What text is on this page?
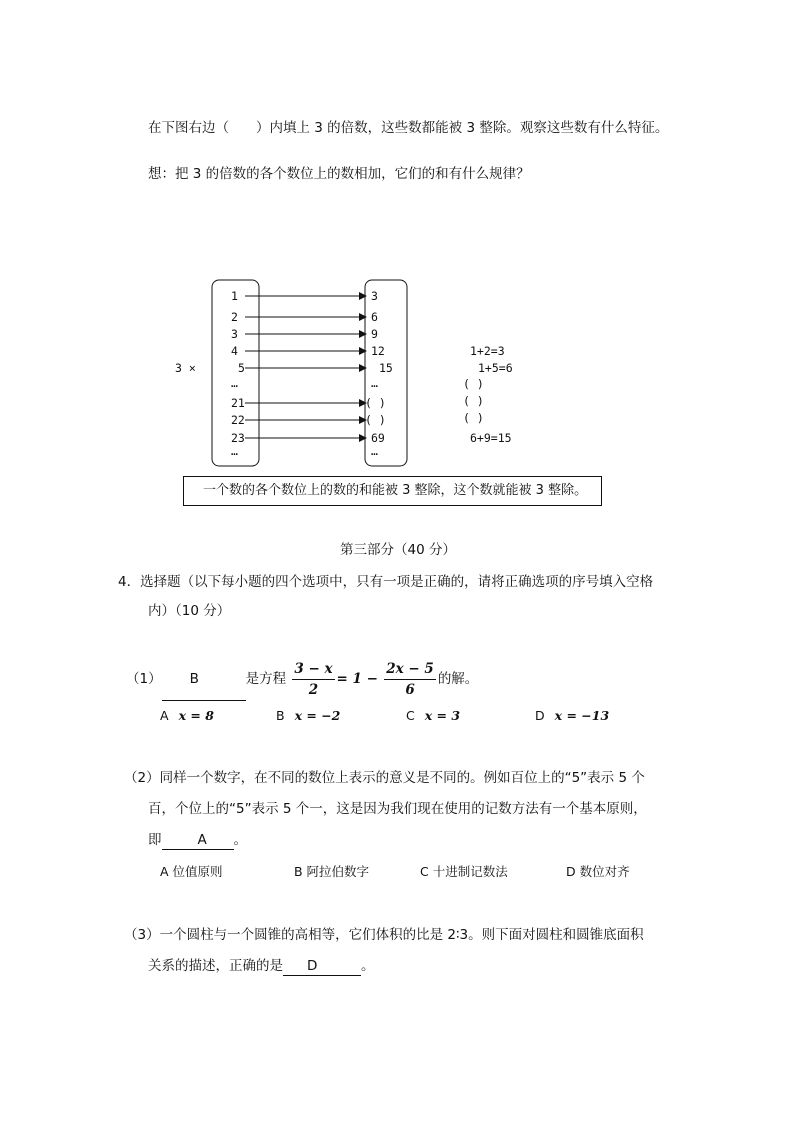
在下图右边（　　）内填上 3 的倍数，这些数都能被 3 整除。观察这些数有什么特征。
想：把 3 的倍数的各个数位上的数相加，它们的和有什么规律？
3 ×
1
2
3
4
5
…
21
22
23
…
3
6
9
12
15
…
( )
( )
69
…
1+2=3
1+5=6
( )
( )
( )
6+9=15
一个数的各个数位上的数的和能被 3 整除，这个数就能被 3 整除。
第三部分（40 分）
4．选择题（以下每小题的四个选项中，只有一项是正确的，请将正确选项的序号填入空格
内）（10 分）
（1） B	是方程 $\frac{3 - x}{2} = 1 - \frac{2x - 5}{6}$ 的解。
A x = 8	B x = −2	C x = 3	D x = −13
（2）同样一个数字，在不同的数位上表示的意义是不同的。例如百位上的“5”表示 5 个
百，个位上的“5”表示 5 个一，这是因为我们现在使用的记数方法有一个基本原则，
即	A 。
A 位值原则	B 阿拉伯数字	C 十进制记数法	D 数位对齐
（3）一个圆柱与一个圆锥的高相等，它们体积的比是 2∶3。则下面对圆柱和圆锥底面积
关系的描述，正确的是 D	。
